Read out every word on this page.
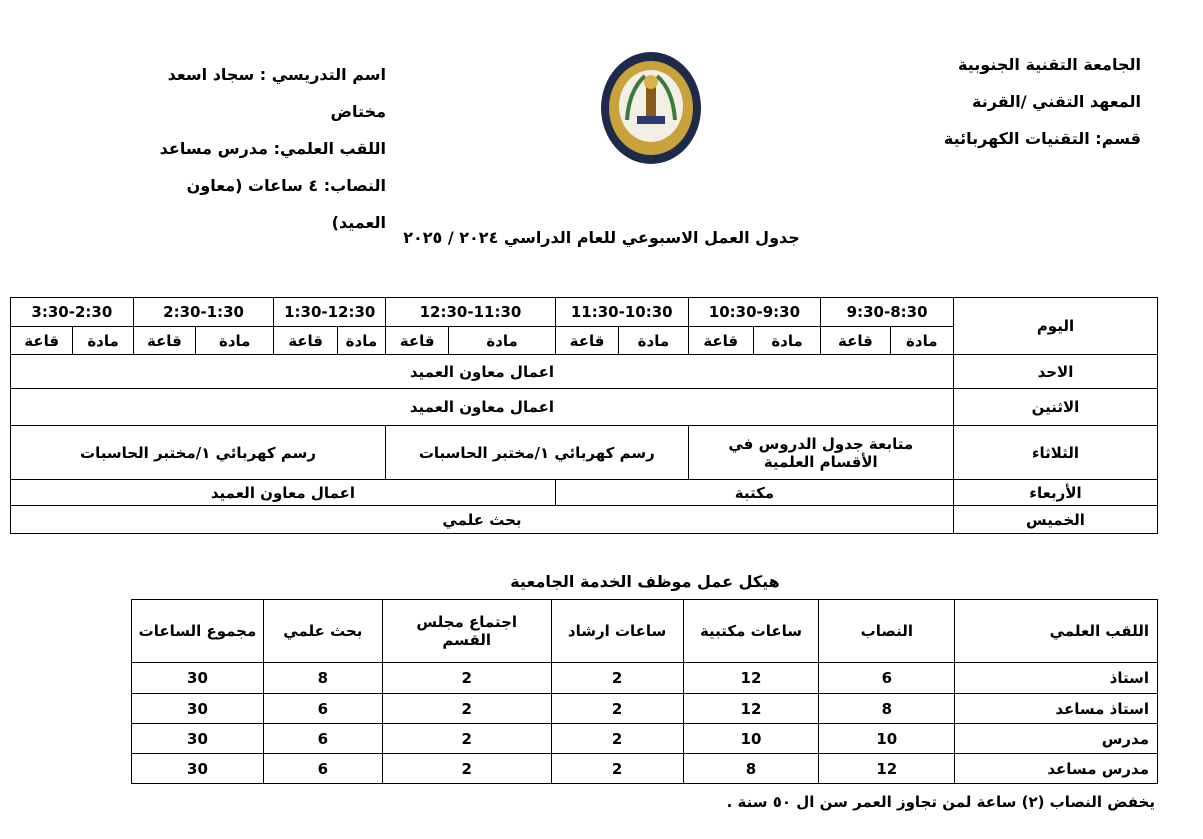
الجامعة التقنية الجنوبية
المعهد التقني /القرنة
قسم: التقنيات الكهربائية
اسم التدريسي : سجاد اسعد مختاض
اللقب العلمي: مدرس مساعد
النصاب: ٤ ساعات (معاون العميد)
جدول العمل الاسبوعي للعام الدراسي ٢٠٢٤ / ٢٠٢٥
اليوم	9:30-8:30		10:30-9:30		11:30-10:30		12:30-11:30		1:30-12:30		2:30-1:30		3:30-2:30	
	مادة	قاعة	مادة	قاعة	مادة	قاعة	مادة	قاعة	مادة	قاعة	مادة	قاعة	مادة	قاعة
الاحد	اعمال معاون العميد													
الاثنين	اعمال معاون العميد													
الثلاثاء	متابعة جدول الدروس في الأقسام العلمية				رسم كهربائي ١/مختبر الحاسبات				رسم كهربائي ١/مختبر الحاسبات					
الأربعاء	مكتبة						اعمال معاون العميد							
الخميس	بحث علمي													
هيكل عمل موظف الخدمة الجامعية
اللقب العلمي	النصاب	ساعات مكتبية	ساعات ارشاد	اجتماع مجلس القسم	بحث علمي	مجموع الساعات
استاذ	6	12	2	2	8	30
استاذ مساعد	8	12	2	2	6	30
مدرس	10	10	2	2	6	30
مدرس مساعد	12	8	2	2	6	30
يخفض النصاب (٢) ساعة لمن تجاوز العمر سن ال ٥٠ سنة .
